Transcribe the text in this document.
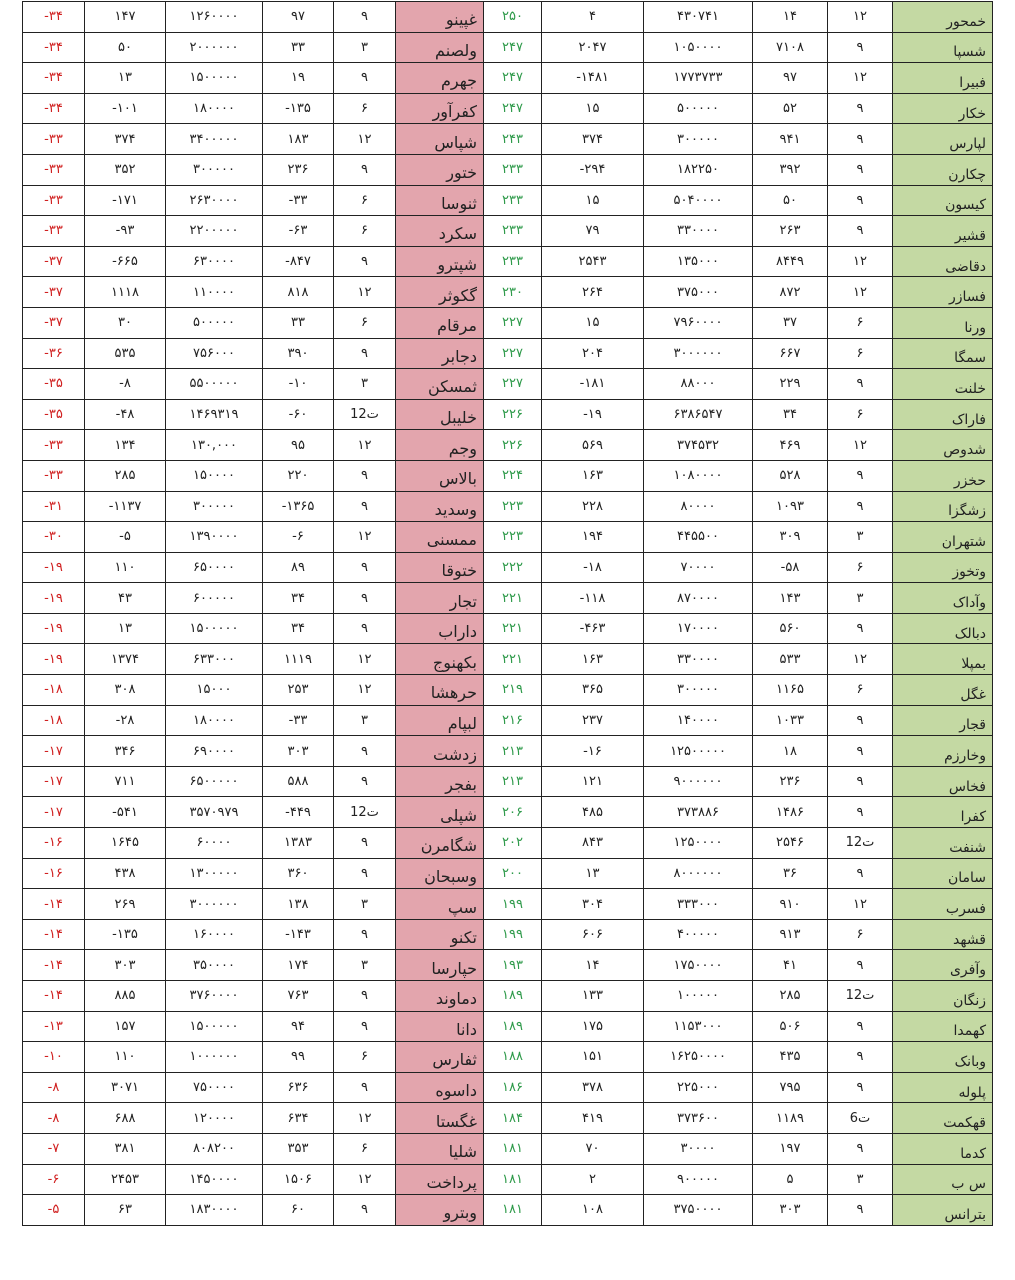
-۳۴	۱۴۷	۱۲۶۰۰۰۰	۹۷	۹	غپینو	۲۵۰	۴	۴۳۰۷۴۱	۱۴	۱۲	خمحور
-۳۴	۵۰	۲۰۰۰۰۰۰	۳۳	۳	ولصنم	۲۴۷	۲۰۴۷	۱۰۵۰۰۰۰	۷۱۰۸	۹	شسپا
-۳۴	۱۳	۱۵۰۰۰۰۰	۱۹	۹	جهرم	۲۴۷	-۱۴۸۱	۱۷۷۳۷۳۳	۹۷	۱۲	فبیرا
-۳۴	-۱۰۱	۱۸۰۰۰۰	-۱۳۵	۶	کفرآور	۲۴۷	۱۵	۵۰۰۰۰۰	۵۲	۹	خکار
-۳۳	۳۷۴	۳۴۰۰۰۰۰	۱۸۳	۱۲	شپاس	۲۴۳	۳۷۴	۳۰۰۰۰۰	۹۴۱	۹	لپارس
-۳۳	۳۵۲	۳۰۰۰۰۰	۲۳۶	۹	ختور	۲۳۳	-۲۹۴	۱۸۲۲۵۰	۳۹۲	۹	چکارن
-۳۳	-۱۷۱	۲۶۳۰۰۰۰	-۳۳	۶	ثنوسا	۲۳۳	۱۵	۵۰۴۰۰۰۰	۵۰	۹	کیسون
-۳۳	-۹۳	۲۲۰۰۰۰۰	-۶۳	۶	سکرد	۲۳۳	۷۹	۳۳۰۰۰۰	۲۶۳	۹	قشیر
-۳۷	-۶۶۵	۶۳۰۰۰۰	-۸۴۷	۹	شپترو	۲۳۳	۲۵۴۳	۱۳۵۰۰۰	۸۴۴۹	۱۲	دقاضی
-۳۷	۱۱۱۸	۱۱۰۰۰۰	۸۱۸	۱۲	گکوثر	۲۳۰	۲۶۴	۳۷۵۰۰۰	۸۷۲	۱۲	فسازر
-۳۷	۳۰	۵۰۰۰۰۰	۳۳	۶	مرقام	۲۲۷	۱۵	۷۹۶۰۰۰۰	۳۷	۶	ورنا
-۳۶	۵۳۵	۷۵۶۰۰۰	۳۹۰	۹	دجابر	۲۲۷	۲۰۴	۳۰۰۰۰۰۰	۶۶۷	۶	سمگا
-۳۵	-۸	۵۵۰۰۰۰۰	-۱۰	۳	ثمسکن	۲۲۷	-۱۸۱	۸۸۰۰۰	۲۲۹	۹	خلنت
-۳۵	-۴۸	۱۴۶۹۳۱۹	-۶۰	12ت	خلیبل	۲۲۶	-۱۹	۶۳۸۶۵۴۷	۳۴	۶	فاراک
-۳۳	۱۳۴	۱۳۰,۰۰۰	۹۵	۱۲	وجم	۲۲۶	۵۶۹	۳۷۴۵۳۲	۴۶۹	۱۲	شدوص
-۳۳	۲۸۵	۱۵۰۰۰۰	۲۲۰	۹	بالاس	۲۲۴	۱۶۳	۱۰۸۰۰۰۰	۵۲۸	۹	حخزر
-۳۱	-۱۱۳۷	۳۰۰۰۰۰	-۱۳۶۵	۹	وسدید	۲۲۳	۲۲۸	۸۰۰۰۰	۱۰۹۳	۹	زشگزا
-۳۰	-۵	۱۳۹۰۰۰۰	-۶	۱۲	ممسنی	۲۲۳	۱۹۴	۴۴۵۵۰۰	۳۰۹	۳	شتهران
-۱۹	۱۱۰	۶۵۰۰۰۰	۸۹	۹	ختوقا	۲۲۲	-۱۸	۷۰۰۰۰	-۵۸	۶	وتخوز
-۱۹	۴۳	۶۰۰۰۰۰	۳۴	۹	تجار	۲۲۱	-۱۱۸	۸۷۰۰۰۰	۱۴۳	۳	وآداک
-۱۹	۱۳	۱۵۰۰۰۰۰	۳۴	۹	داراب	۲۲۱	-۴۶۳	۱۷۰۰۰۰	۵۶۰	۹	دبالک
-۱۹	۱۳۷۴	۶۳۳۰۰۰	۱۱۱۹	۱۲	بکهنوج	۲۲۱	۱۶۳	۳۳۰۰۰۰	۵۳۳	۱۲	بمپلا
-۱۸	۳۰۸	۱۵۰۰۰	۲۵۳	۱۲	حرهشا	۲۱۹	۳۶۵	۳۰۰۰۰۰	۱۱۶۵	۶	غگل
-۱۸	-۲۸	۱۸۰۰۰۰	-۳۳	۳	لبپام	۲۱۶	۲۳۷	۱۴۰۰۰۰	۱۰۳۳	۹	قجار
-۱۷	۳۴۶	۶۹۰۰۰۰	۳۰۳	۹	زدشت	۲۱۳	-۱۶	۱۲۵۰۰۰۰۰	۱۸	۹	وخارزم
-۱۷	۷۱۱	۶۵۰۰۰۰۰	۵۸۸	۹	بفجر	۲۱۳	۱۲۱	۹۰۰۰۰۰۰	۲۳۶	۹	فخاس
-۱۷	-۵۴۱	۳۵۷۰۹۷۹	-۴۴۹	12ت	شپلی	۲۰۶	۴۸۵	۳۷۳۸۸۶	۱۴۸۶	۹	کفرا
-۱۶	۱۶۴۵	۶۰۰۰۰	۱۳۸۳	۹	شگامرن	۲۰۲	۸۴۳	۱۲۵۰۰۰۰	۲۵۴۶	12ت	شنفت
-۱۶	۴۳۸	۱۳۰۰۰۰۰	۳۶۰	۹	وسبحان	۲۰۰	۱۳	۸۰۰۰۰۰۰	۳۶	۹	سامان
-۱۴	۲۶۹	۳۰۰۰۰۰۰	۱۳۸	۳	سپ	۱۹۹	۳۰۴	۳۳۳۰۰۰	۹۱۰	۱۲	فسرب
-۱۴	-۱۳۵	۱۶۰۰۰۰	-۱۴۳	۹	تکنو	۱۹۹	۶۰۶	۴۰۰۰۰۰	۹۱۳	۶	قشهد
-۱۴	۳۰۳	۳۵۰۰۰۰	۱۷۴	۳	حپارسا	۱۹۳	۱۴	۱۷۵۰۰۰۰	۴۱	۹	وآفری
-۱۴	۸۸۵	۳۷۶۰۰۰۰	۷۶۳	۹	دماوند	۱۸۹	۱۳۳	۱۰۰۰۰۰	۲۸۵	12ت	زنگان
-۱۳	۱۵۷	۱۵۰۰۰۰۰	۹۴	۹	دانا	۱۸۹	۱۷۵	۱۱۵۳۰۰۰	۵۰۶	۹	کهمدا
-۱۰	۱۱۰	۱۰۰۰۰۰۰	۹۹	۶	ثفارس	۱۸۸	۱۵۱	۱۶۲۵۰۰۰۰	۴۳۵	۹	وبانک
-۸	۳۰۷۱	۷۵۰۰۰۰	۶۳۶	۹	داسوه	۱۸۶	۳۷۸	۲۲۵۰۰۰	۷۹۵	۹	پلوله
-۸	۶۸۸	۱۲۰۰۰۰	۶۳۴	۱۲	غگستا	۱۸۴	۴۱۹	۳۷۳۶۰۰	۱۱۸۹	6ت	قهکمت
-۷	۳۸۱	۸۰۸۲۰۰	۳۵۳	۶	شلیا	۱۸۱	۷۰	۳۰۰۰۰	۱۹۷	۹	کدما
-۶	۲۴۵۳	۱۴۵۰۰۰۰	۱۵۰۶	۱۲	پرداخت	۱۸۱	۲	۹۰۰۰۰۰	۵	۳	س ب
-۵	۶۳	۱۸۳۰۰۰۰	۶۰	۹	وبترو	۱۸۱	۱۰۸	۳۷۵۰۰۰۰	۳۰۳	۹	بترانس
